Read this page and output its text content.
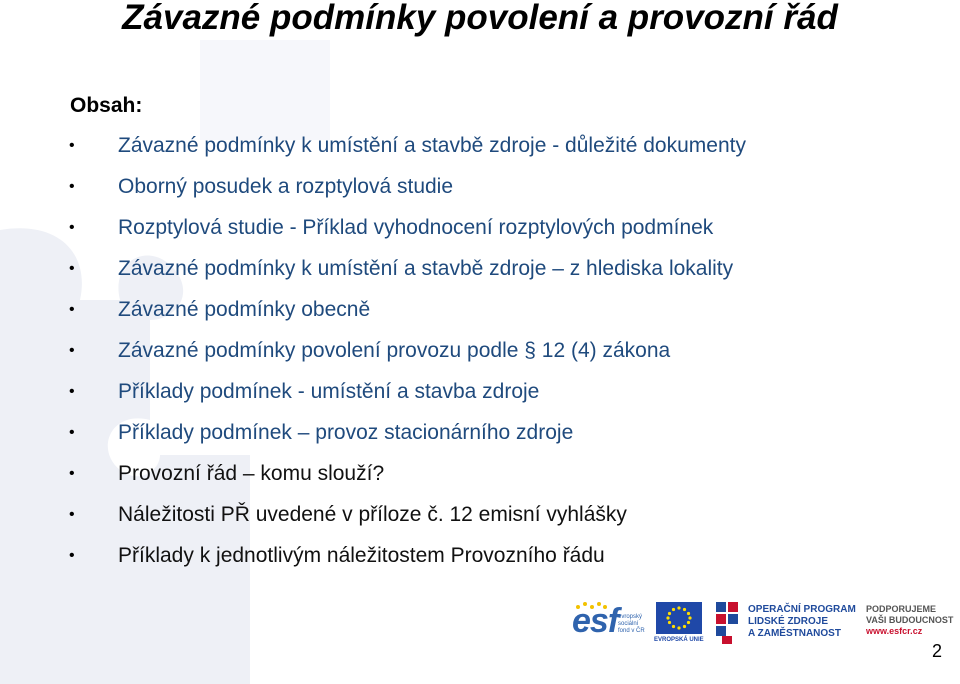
Závazné podmínky povolení a provozní řád
Obsah:
• Závazné podmínky k umístění a stavbě zdroje - důležité dokumenty
• Oborný posudek a rozptylová studie
• Rozptylová studie - Příklad vyhodnocení rozptylových podmínek
• Závazné podmínky k umístění a stavbě zdroje – z hlediska lokality
• Závazné podmínky obecně
• Závazné podmínky povolení provozu podle § 12 (4) zákona
• Příklady podmínek - umístění a stavba zdroje
• Příklady podmínek – provoz stacionárního zdroje
• Provozní řád – komu slouží?
• Náležitosti PŘ uvedené v příloze č. 12 emisní vyhlášky
• Příklady k jednotlivým náležitostem Provozního řádu
esf evropský
sociální
fond v ČR
EVROPSKÁ UNIE
OPERAČNÍ PROGRAM
LIDSKÉ ZDROJE
A ZAMĚSTNANOST
PODPORUJEME
VAŠI BUDOUCNOST
www.esfcr.cz
2
